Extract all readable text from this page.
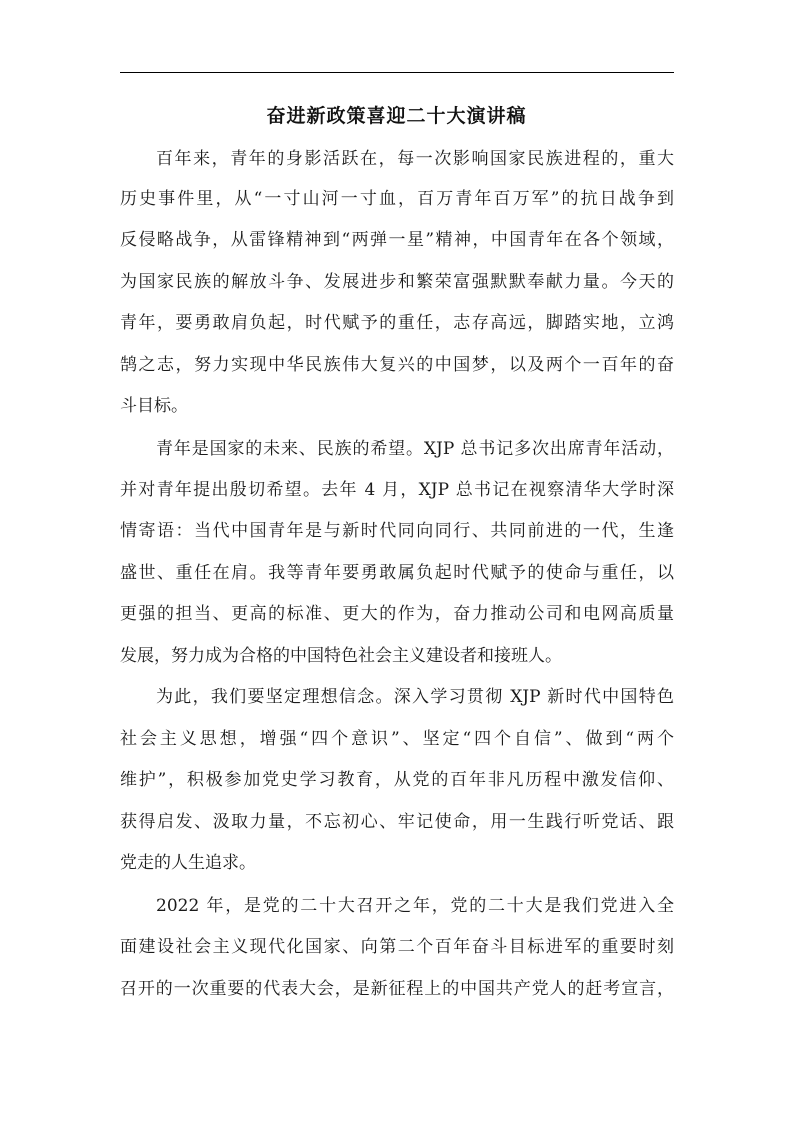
奋进新政策喜迎二十大演讲稿
百年来，青年的身影活跃在，每一次影响国家民族进程的，重大
历史事件里，从“一寸山河一寸血，百万青年百万军”的抗日战争到
反侵略战争，从雷锋精神到“两弹一星”精神，中国青年在各个领域，
为国家民族的解放斗争、发展进步和繁荣富强默默奉献力量。今天的
青年，要勇敢肩负起，时代赋予的重任，志存高远，脚踏实地，立鸿
鹄之志，努力实现中华民族伟大复兴的中国梦，以及两个一百年的奋
斗目标。
青年是国家的未来、民族的希望。XJP 总书记多次出席青年活动，
并对青年提出殷切希望。去年 4 月，XJP 总书记在视察清华大学时深
情寄语：当代中国青年是与新时代同向同行、共同前进的一代，生逢
盛世、重任在肩。我等青年要勇敢属负起时代赋予的使命与重任，以
更强的担当、更高的标准、更大的作为，奋力推动公司和电网高质量
发展，努力成为合格的中国特色社会主义建设者和接班人。
为此，我们要坚定理想信念。深入学习贯彻 XJP 新时代中国特色
社会主义思想，增强“四个意识”、坚定“四个自信”、做到“两个
维护”，积极参加党史学习教育，从党的百年非凡历程中激发信仰、
获得启发、汲取力量，不忘初心、牢记使命，用一生践行听党话、跟
党走的人生追求。
2022 年，是党的二十大召开之年，党的二十大是我们党进入全
面建设社会主义现代化国家、向第二个百年奋斗目标进军的重要时刻
召开的一次重要的代表大会，是新征程上的中国共产党人的赶考宣言，
